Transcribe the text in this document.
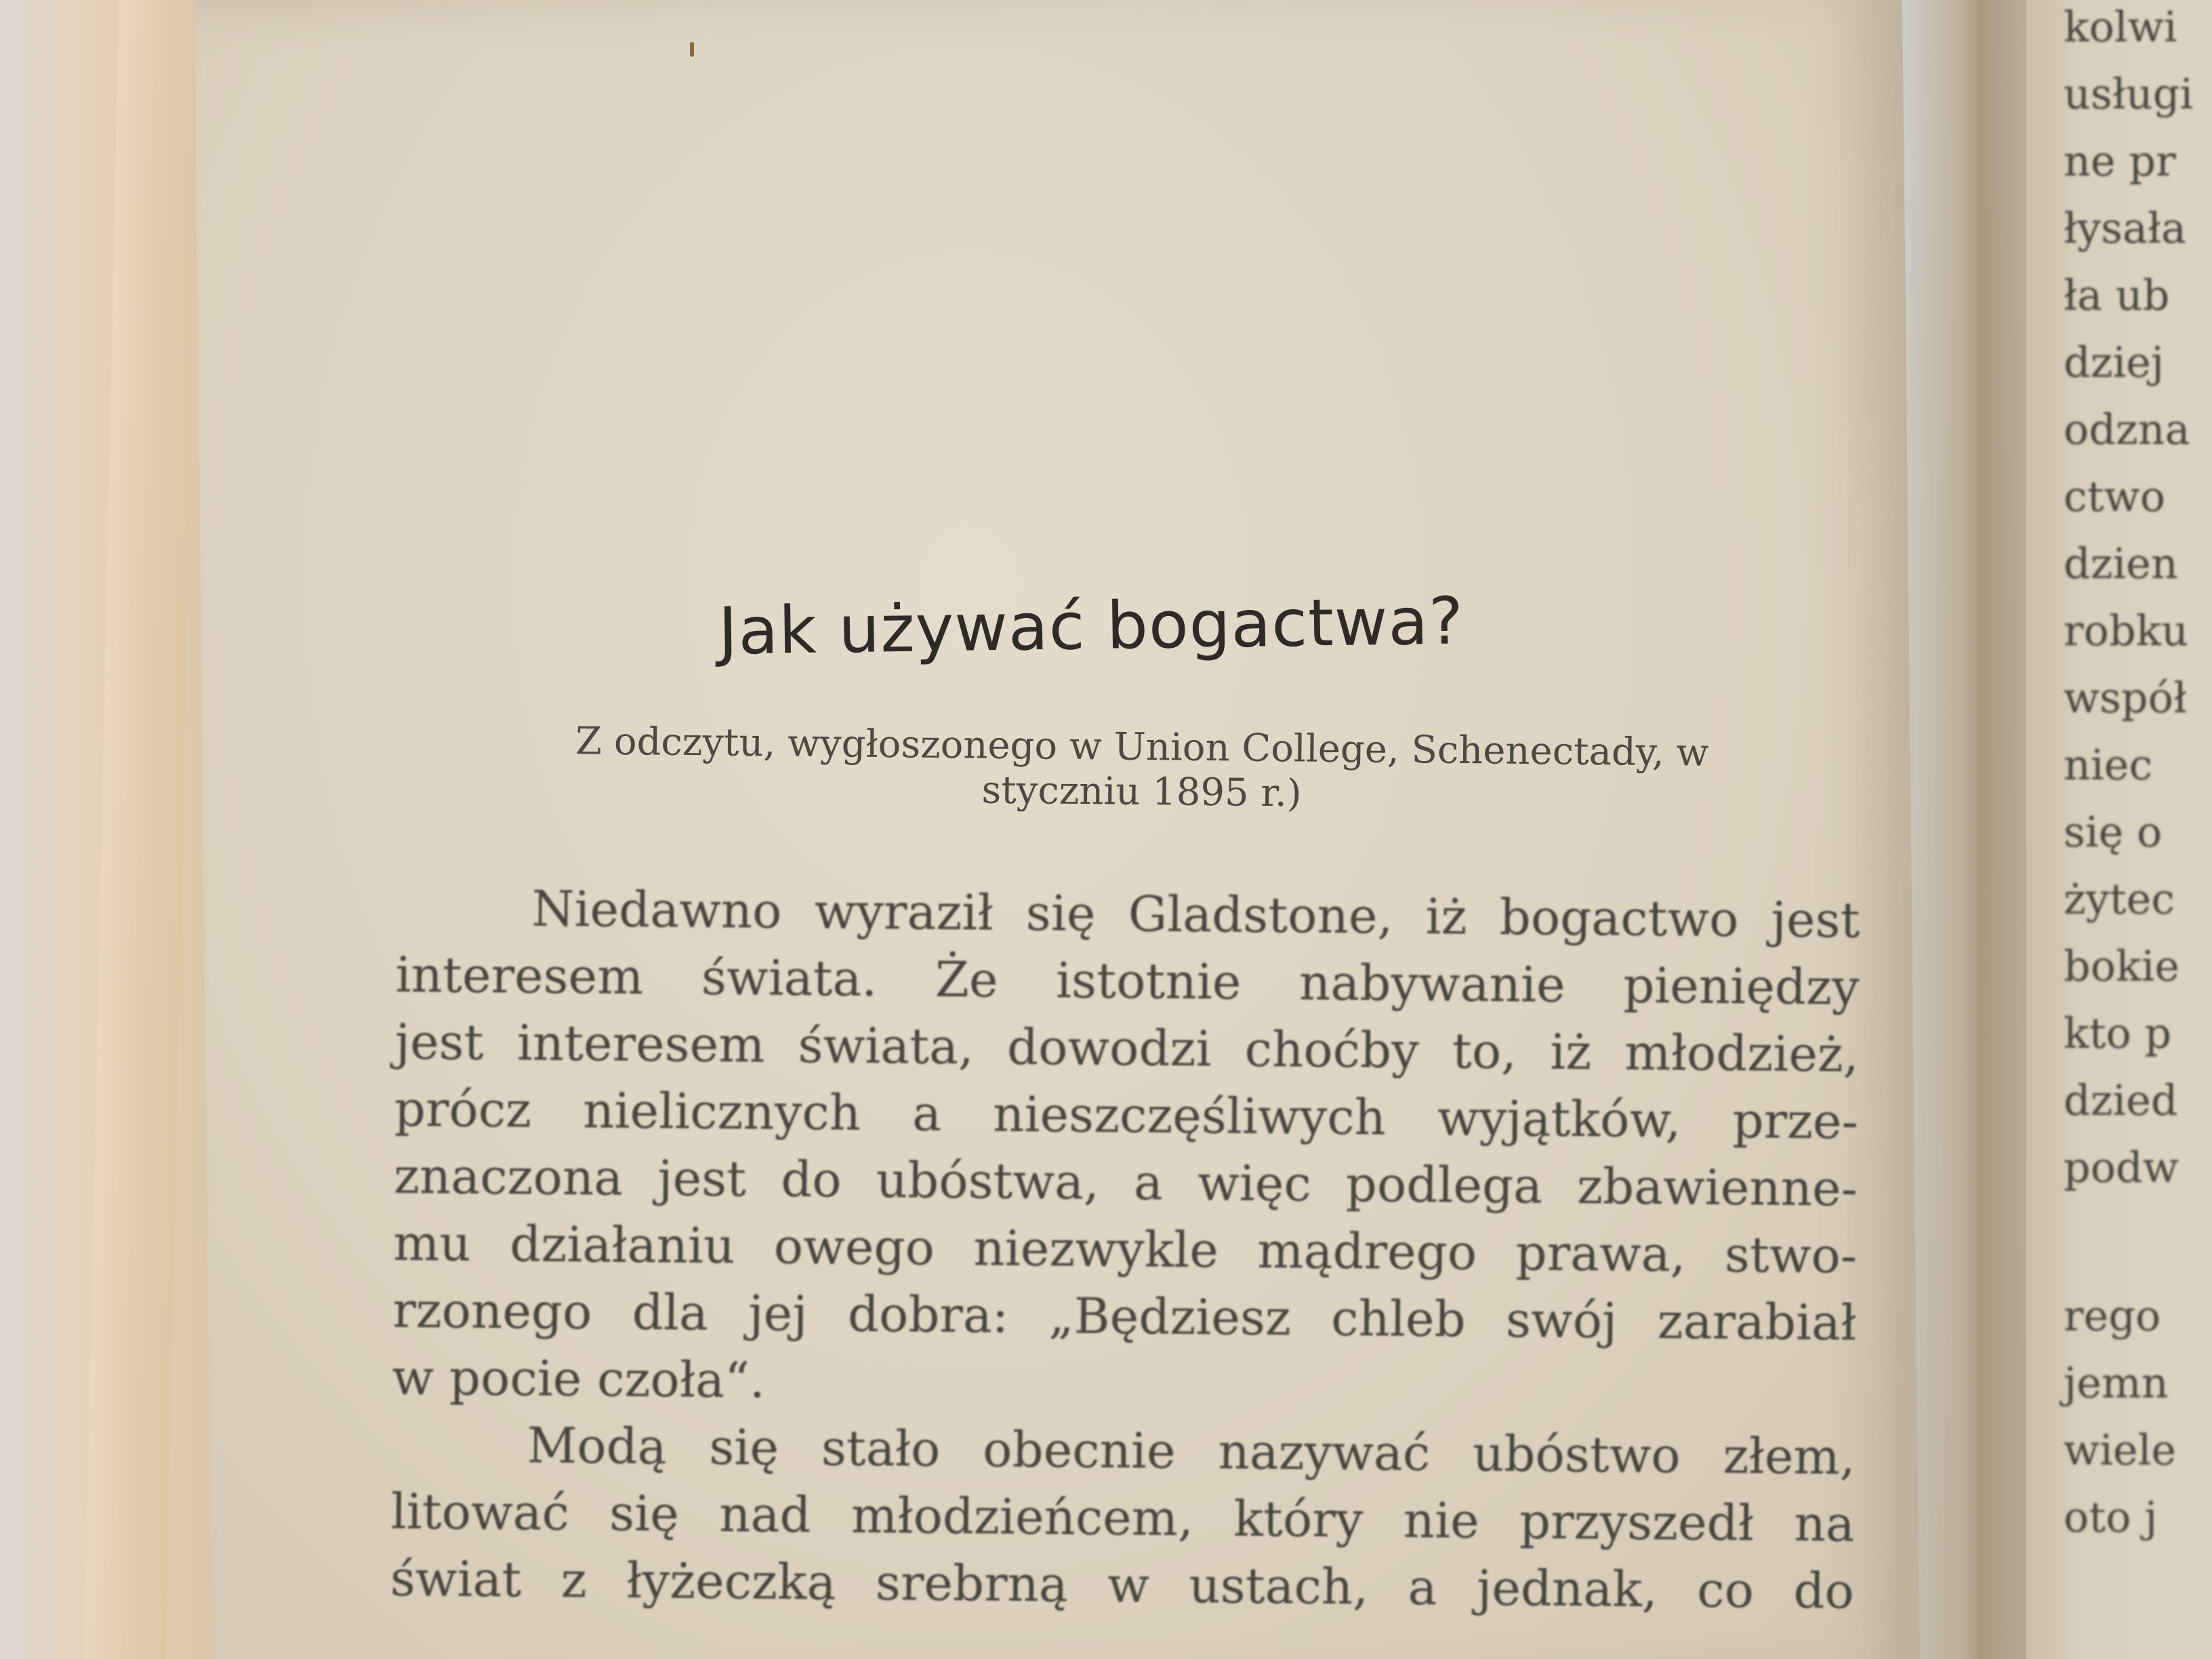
Jak używać bogactwa?
Z odczytu, wygłoszonego w Union College, Schenectady, w
styczniu 1895 r.)
Niedawno wyraził się Gladstone, iż bogactwo jest
interesem świata. Że istotnie nabywanie pieniędzy
jest interesem świata, dowodzi choćby to, iż młodzież,
prócz nielicznych a nieszczęśliwych wyjątków, prze-
znaczona jest do ubóstwa, a więc podlega zbawienne-
mu działaniu owego niezwykle mądrego prawa, stwo-
rzonego dla jej dobra: „Będziesz chleb swój zarabiał
w pocie czoła“.
Modą się stało obecnie nazywać ubóstwo złem,
litować się nad młodzieńcem, który nie przyszedł na
świat z łyżeczką srebrną w ustach, a jednak, co do
kolwi
usługi
ne pr
łysała
ła ub
dziej
odzna
ctwo
dzien
robku
współ
niec
się o
żytec
bokie
kto p
dzied
podw
rego
jemn
wiele
oto j
